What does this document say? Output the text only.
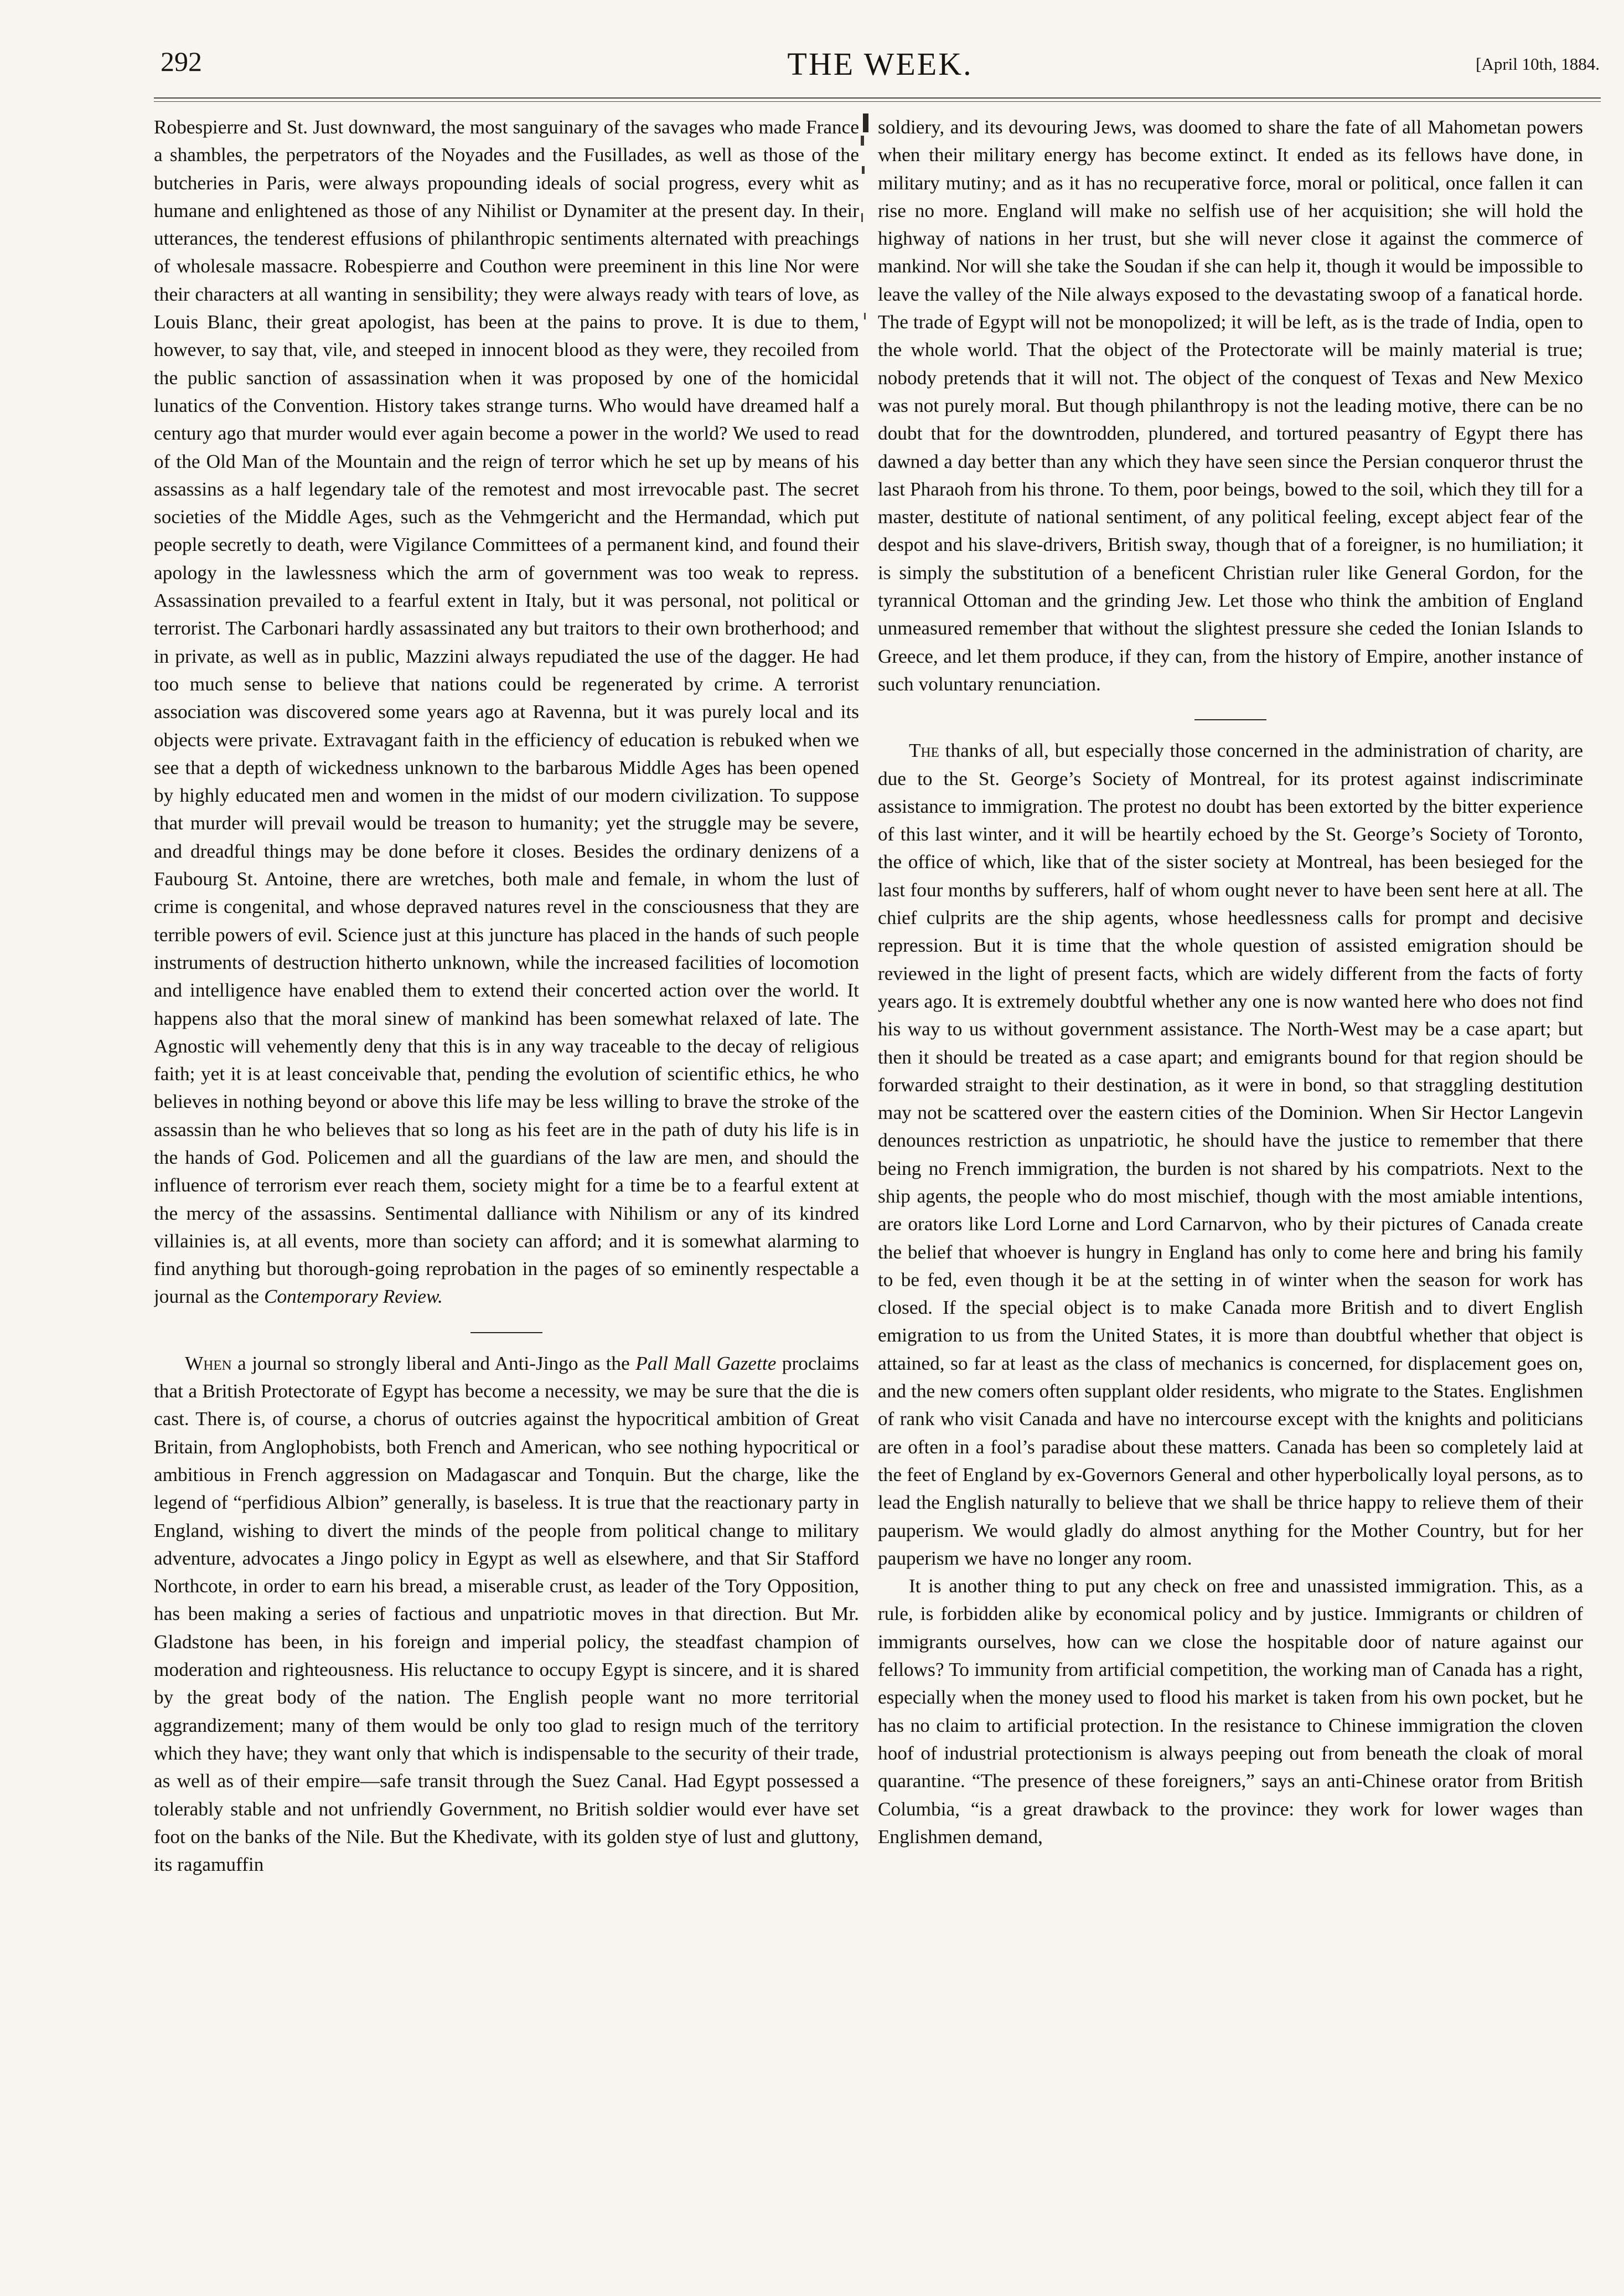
292	THE WEEK.	[April 10th, 1884.

Robespierre and St. Just downward, the most sanguinary of the savages who made France a shambles, the perpetrators of the Noyades and the Fusillades, as well as those of the butcheries in Paris, were always propounding ideals of social progress, every whit as humane and enlightened as those of any Nihilist or Dynamiter at the present day. In their utterances, the tenderest effusions of philanthropic sentiments alternated with preachings of wholesale massacre. Robespierre and Couthon were preeminent in this line Nor were their characters at all wanting in sensibility; they were always ready with tears of love, as Louis Blanc, their great apologist, has been at the pains to prove. It is due to them, however, to say that, vile, and steeped in innocent blood as they were, they recoiled from the public sanction of assassination when it was proposed by one of the homicidal lunatics of the Convention. History takes strange turns. Who would have dreamed half a century ago that murder would ever again become a power in the world? We used to read of the Old Man of the Mountain and the reign of terror which he set up by means of his assassins as a half legendary tale of the remotest and most irrevocable past. The secret societies of the Middle Ages, such as the Vehmgericht and the Hermandad, which put people secretly to death, were Vigilance Committees of a permanent kind, and found their apology in the lawlessness which the arm of government was too weak to repress. Assassination prevailed to a fearful extent in Italy, but it was personal, not political or terrorist. The Carbonari hardly assassinated any but traitors to their own brotherhood; and in private, as well as in public, Mazzini always repudiated the use of the dagger. He had too much sense to believe that nations could be regenerated by crime. A terrorist association was discovered some years ago at Ravenna, but it was purely local and its objects were private. Extravagant faith in the efficiency of education is rebuked when we see that a depth of wickedness unknown to the barbarous Middle Ages has been opened by highly educated men and women in the midst of our modern civilization. To suppose that murder will prevail would be treason to humanity; yet the struggle may be severe, and dreadful things may be done before it closes. Besides the ordinary denizens of a Faubourg St. Antoine, there are wretches, both male and female, in whom the lust of crime is congenital, and whose depraved natures revel in the consciousness that they are terrible powers of evil. Science just at this juncture has placed in the hands of such people instruments of destruction hitherto unknown, while the increased facilities of locomotion and intelligence have enabled them to extend their concerted action over the world. It happens also that the moral sinew of mankind has been somewhat relaxed of late. The Agnostic will vehemently deny that this is in any way traceable to the decay of religious faith; yet it is at least conceivable that, pending the evolution of scientific ethics, he who believes in nothing beyond or above this life may be less willing to brave the stroke of the assassin than he who believes that so long as his feet are in the path of duty his life is in the hands of God. Policemen and all the guardians of the law are men, and should the influence of terrorism ever reach them, society might for a time be to a fearful extent at the mercy of the assassins. Sentimental dalliance with Nihilism or any of its kindred villainies is, at all events, more than society can afford; and it is somewhat alarming to find anything but thorough-going reprobation in the pages of so eminently respectable a journal as the Contemporary Review.

When a journal so strongly liberal and Anti-Jingo as the Pall Mall Gazette proclaims that a British Protectorate of Egypt has become a necessity, we may be sure that the die is cast. There is, of course, a chorus of outcries against the hypocritical ambition of Great Britain, from Anglophobists, both French and American, who see nothing hypocritical or ambitious in French aggression on Madagascar and Tonquin. But the charge, like the legend of “perfidious Albion” generally, is baseless. It is true that the reactionary party in England, wishing to divert the minds of the people from political change to military adventure, advocates a Jingo policy in Egypt as well as elsewhere, and that Sir Stafford Northcote, in order to earn his bread, a miserable crust, as leader of the Tory Opposition, has been making a series of factious and unpatriotic moves in that direction. But Mr. Gladstone has been, in his foreign and imperial policy, the steadfast champion of moderation and righteousness. His reluctance to occupy Egypt is sincere, and it is shared by the great body of the nation. The English people want no more territorial aggrandizement; many of them would be only too glad to resign much of the territory which they have; they want only that which is indispensable to the security of their trade, as well as of their empire—safe transit through the Suez Canal. Had Egypt possessed a tolerably stable and not unfriendly Government, no British soldier would ever have set foot on the banks of the Nile. But the Khedivate, with its golden stye of lust and gluttony, its ragamuffin

soldiery, and its devouring Jews, was doomed to share the fate of all Mahometan powers when their military energy has become extinct. It ended as its fellows have done, in military mutiny; and as it has no recuperative force, moral or political, once fallen it can rise no more. England will make no selfish use of her acquisition; she will hold the highway of nations in her trust, but she will never close it against the commerce of mankind. Nor will she take the Soudan if she can help it, though it would be impossible to leave the valley of the Nile always exposed to the devastating swoop of a fanatical horde. The trade of Egypt will not be monopolized; it will be left, as is the trade of India, open to the whole world. That the object of the Protectorate will be mainly material is true; nobody pretends that it will not. The object of the conquest of Texas and New Mexico was not purely moral. But though philanthropy is not the leading motive, there can be no doubt that for the downtrodden, plundered, and tortured peasantry of Egypt there has dawned a day better than any which they have seen since the Persian conqueror thrust the last Pharaoh from his throne. To them, poor beings, bowed to the soil, which they till for a master, destitute of national sentiment, of any political feeling, except abject fear of the despot and his slave-drivers, British sway, though that of a foreigner, is no humiliation; it is simply the substitution of a beneficent Christian ruler like General Gordon, for the tyrannical Ottoman and the grinding Jew. Let those who think the ambition of England unmeasured remember that without the slightest pressure she ceded the Ionian Islands to Greece, and let them produce, if they can, from the history of Empire, another instance of such voluntary renunciation.

The thanks of all, but especially those concerned in the administration of charity, are due to the St. George’s Society of Montreal, for its protest against indiscriminate assistance to immigration. The protest no doubt has been extorted by the bitter experience of this last winter, and it will be heartily echoed by the St. George’s Society of Toronto, the office of which, like that of the sister society at Montreal, has been besieged for the last four months by sufferers, half of whom ought never to have been sent here at all. The chief culprits are the ship agents, whose heedlessness calls for prompt and decisive repression. But it is time that the whole question of assisted emigration should be reviewed in the light of present facts, which are widely different from the facts of forty years ago. It is extremely doubtful whether any one is now wanted here who does not find his way to us without government assistance. The North-West may be a case apart; but then it should be treated as a case apart; and emigrants bound for that region should be forwarded straight to their destination, as it were in bond, so that straggling destitution may not be scattered over the eastern cities of the Dominion. When Sir Hector Langevin denounces restriction as unpatriotic, he should have the justice to remember that there being no French immigration, the burden is not shared by his compatriots. Next to the ship agents, the people who do most mischief, though with the most amiable intentions, are orators like Lord Lorne and Lord Carnarvon, who by their pictures of Canada create the belief that whoever is hungry in England has only to come here and bring his family to be fed, even though it be at the setting in of winter when the season for work has closed. If the special object is to make Canada more British and to divert English emigration to us from the United States, it is more than doubtful whether that object is attained, so far at least as the class of mechanics is concerned, for displacement goes on, and the new comers often supplant older residents, who migrate to the States. Englishmen of rank who visit Canada and have no intercourse except with the knights and politicians are often in a fool’s paradise about these matters. Canada has been so completely laid at the feet of England by ex-Governors General and other hyperbolically loyal persons, as to lead the English naturally to believe that we shall be thrice happy to relieve them of their pauperism. We would gladly do almost anything for the Mother Country, but for her pauperism we have no longer any room.

It is another thing to put any check on free and unassisted immigration. This, as a rule, is forbidden alike by economical policy and by justice. Immigrants or children of immigrants ourselves, how can we close the hospitable door of nature against our fellows? To immunity from artificial competition, the working man of Canada has a right, especially when the money used to flood his market is taken from his own pocket, but he has no claim to artificial protection. In the resistance to Chinese immigration the cloven hoof of industrial protectionism is always peeping out from beneath the cloak of moral quarantine. “The presence of these foreigners,” says an anti-Chinese orator from British Columbia, “is a great drawback to the province: they work for lower wages than Englishmen demand,
